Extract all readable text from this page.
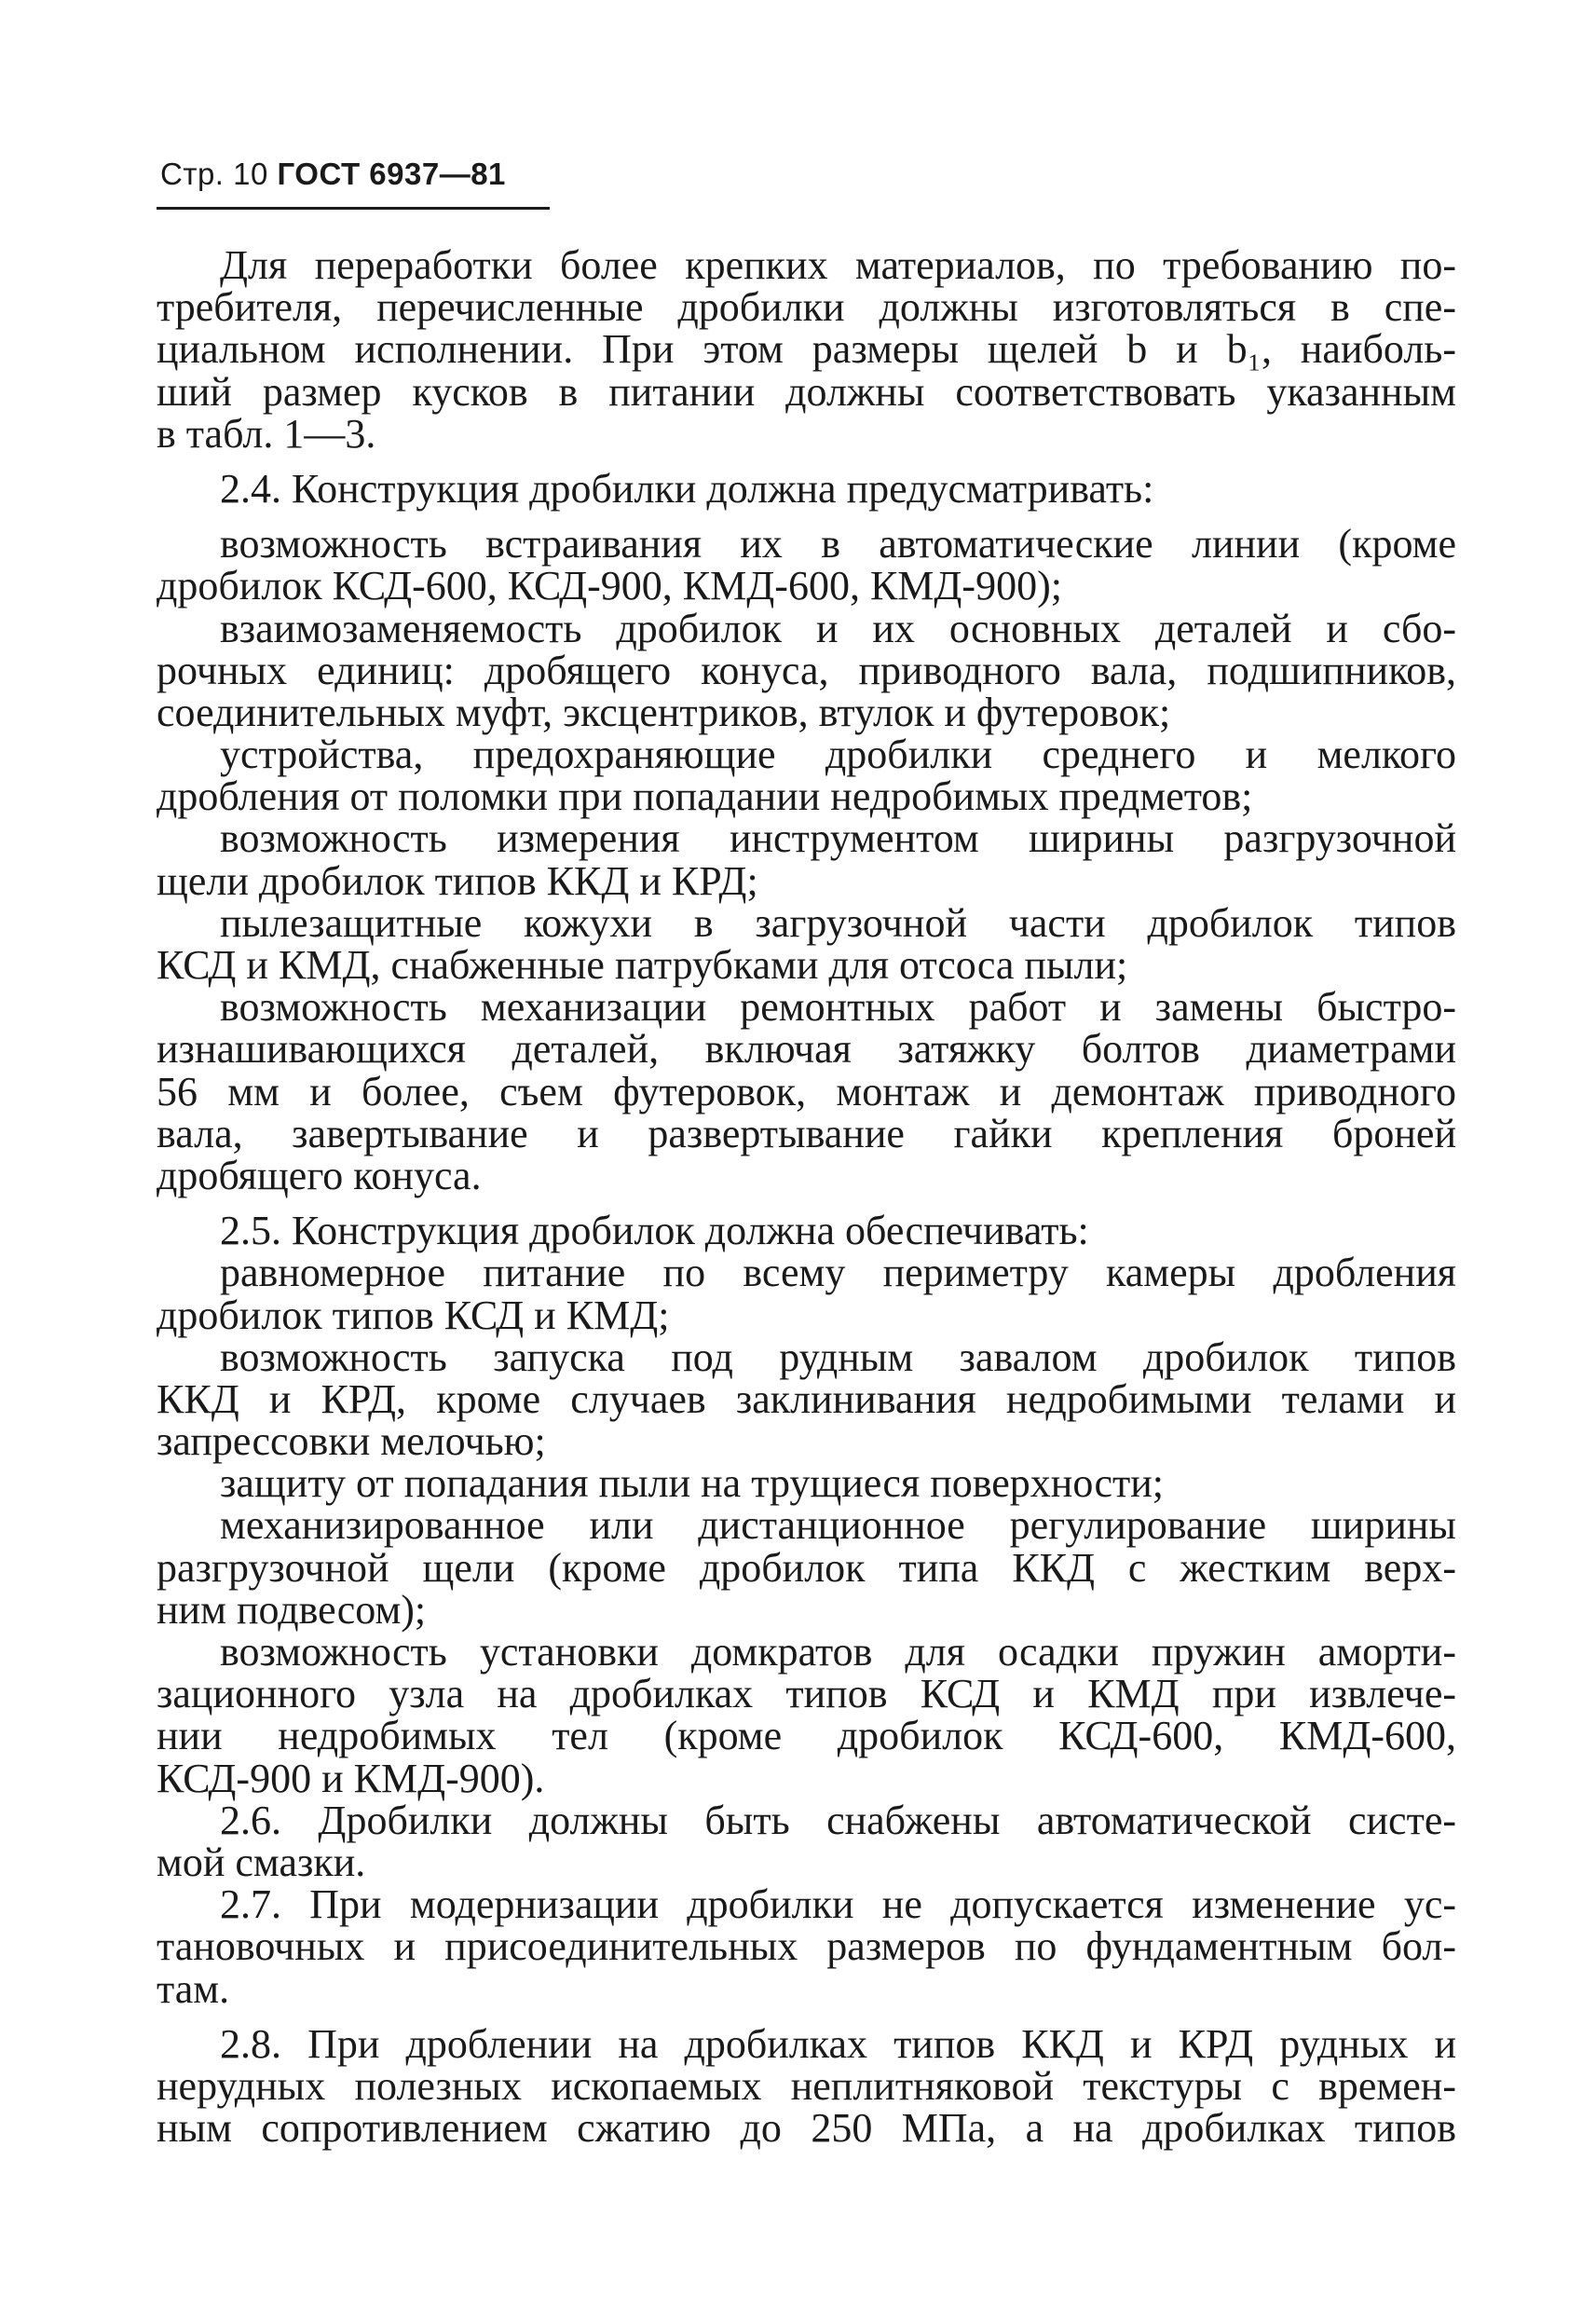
Стр. 10 ГОСТ 6937—81
Для переработки более крепких материалов, по требованию по-
требителя, перечисленные дробилки должны изготовляться в спе-
циальном исполнении. При этом размеры щелей b и b₁, наиболь-
ший размер кусков в питании должны соответствовать указанным
в табл. 1—3.
2.4. Конструкция дробилки должна предусматривать:
возможность встраивания их в автоматические линии (кроме
дробилок КСД-600, КСД-900, КМД-600, КМД-900);
взаимозаменяемость дробилок и их основных деталей и сбо-
рочных единиц: дробящего конуса, приводного вала, подшипников,
соединительных муфт, эксцентриков, втулок и футеровок;
устройства, предохраняющие дробилки среднего и мелкого
дробления от поломки при попадании недробимых предметов;
возможность измерения инструментом ширины разгрузочной
щели дробилок типов ККД и КРД;
пылезащитные кожухи в загрузочной части дробилок типов
КСД и КМД, снабженные патрубками для отсоса пыли;
возможность механизации ремонтных работ и замены быстро-
изнашивающихся деталей, включая затяжку болтов диаметрами
56 мм и более, съем футеровок, монтаж и демонтаж приводного
вала, завертывание и развертывание гайки крепления броней
дробящего конуса.
2.5. Конструкция дробилок должна обеспечивать:
равномерное питание по всему периметру камеры дробления
дробилок типов КСД и КМД;
возможность запуска под рудным завалом дробилок типов
ККД и КРД, кроме случаев заклинивания недробимыми телами и
запрессовки мелочью;
защиту от попадания пыли на трущиеся поверхности;
механизированное или дистанционное регулирование ширины
разгрузочной щели (кроме дробилок типа ККД с жестким верх-
ним подвесом);
возможность установки домкратов для осадки пружин аморти-
зационного узла на дробилках типов КСД и КМД при извлече-
нии недробимых тел (кроме дробилок КСД-600, КМД-600,
КСД-900 и КМД-900).
2.6. Дробилки должны быть снабжены автоматической систе-
мой смазки.
2.7. При модернизации дробилки не допускается изменение ус-
тановочных и присоединительных размеров по фундаментным бол-
там.
2.8. При дроблении на дробилках типов ККД и КРД рудных и
нерудных полезных ископаемых неплитняковой текстуры с времен-
ным сопротивлением сжатию до 250 МПа, а на дробилках типов
